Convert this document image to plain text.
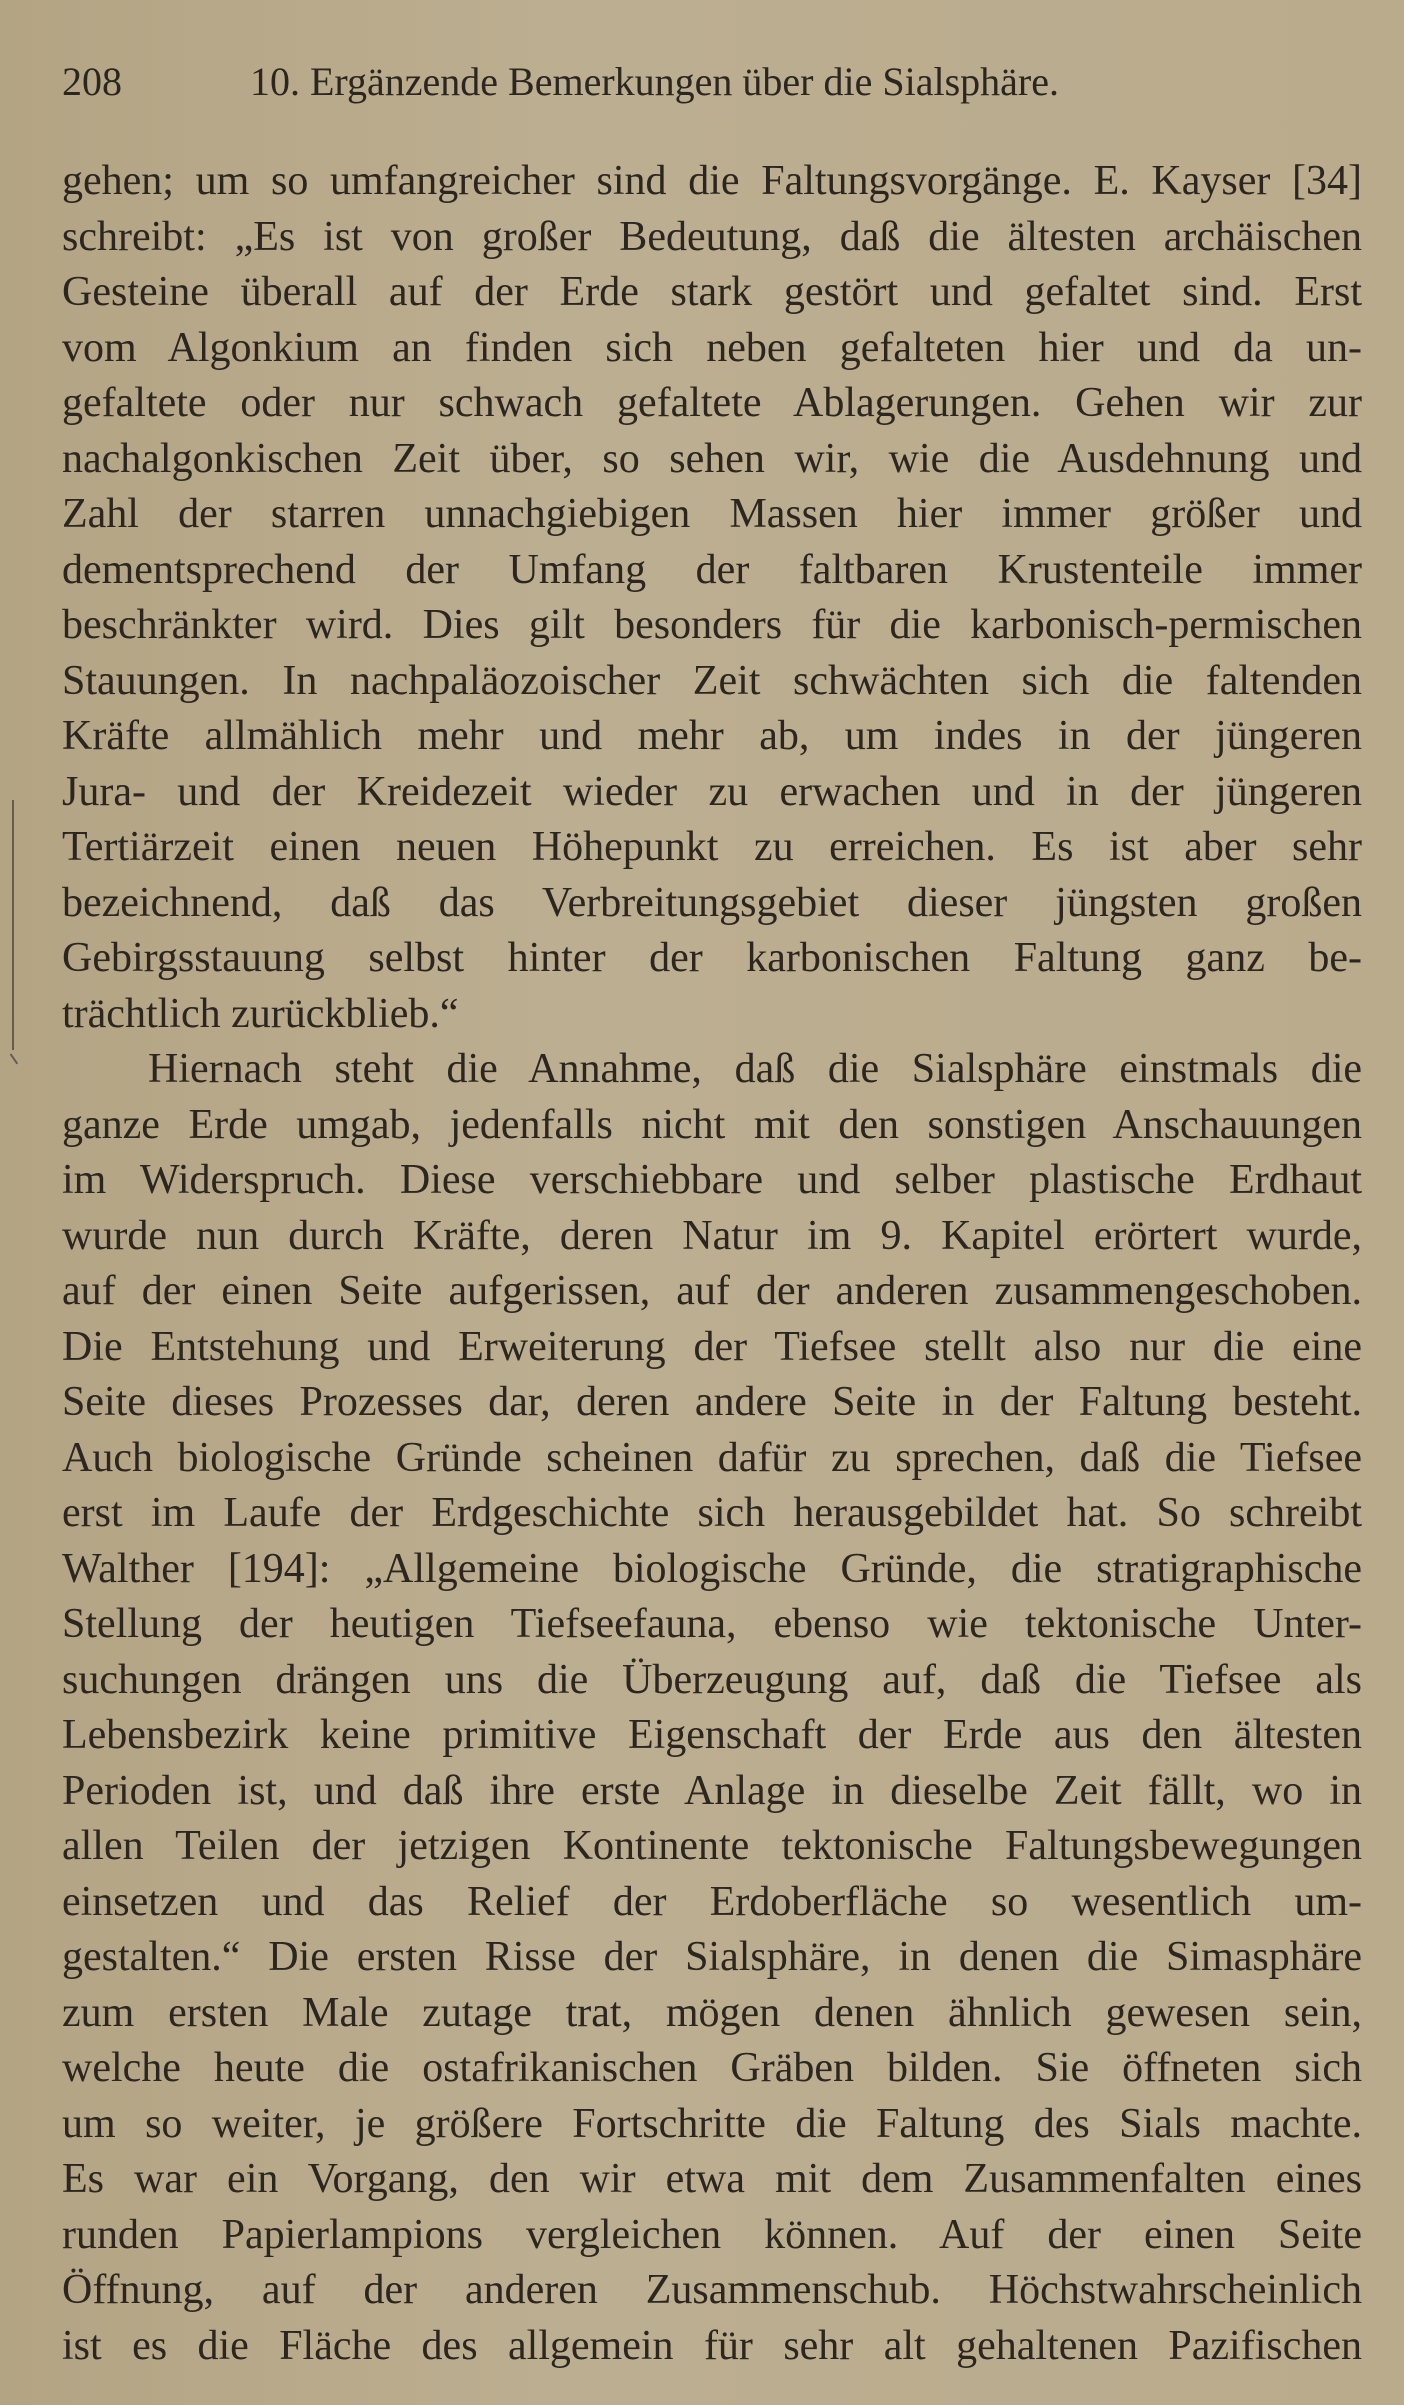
208	10. Ergänzende Bemerkungen über die Sialsphäre.
gehen; um so umfangreicher sind die Faltungsvorgänge. E. Kayser [34]
schreibt: „Es ist von großer Bedeutung, daß die ältesten archäischen
Gesteine überall auf der Erde stark gestört und gefaltet sind. Erst
vom Algonkium an finden sich neben gefalteten hier und da un-
gefaltete oder nur schwach gefaltete Ablagerungen. Gehen wir zur
nachalgonkischen Zeit über, so sehen wir, wie die Ausdehnung und
Zahl der starren unnachgiebigen Massen hier immer größer und
dementsprechend der Umfang der faltbaren Krustenteile immer
beschränkter wird. Dies gilt besonders für die karbonisch-permischen
Stauungen. In nachpaläozoischer Zeit schwächten sich die faltenden
Kräfte allmählich mehr und mehr ab, um indes in der jüngeren
Jura- und der Kreidezeit wieder zu erwachen und in der jüngeren
Tertiärzeit einen neuen Höhepunkt zu erreichen. Es ist aber sehr
bezeichnend, daß das Verbreitungsgebiet dieser jüngsten großen
Gebirgsstauung selbst hinter der karbonischen Faltung ganz be-
trächtlich zurückblieb.“
Hiernach steht die Annahme, daß die Sialsphäre einstmals die
ganze Erde umgab, jedenfalls nicht mit den sonstigen Anschauungen
im Widerspruch. Diese verschiebbare und selber plastische Erdhaut
wurde nun durch Kräfte, deren Natur im 9. Kapitel erörtert wurde,
auf der einen Seite aufgerissen, auf der anderen zusammengeschoben.
Die Entstehung und Erweiterung der Tiefsee stellt also nur die eine
Seite dieses Prozesses dar, deren andere Seite in der Faltung besteht.
Auch biologische Gründe scheinen dafür zu sprechen, daß die Tiefsee
erst im Laufe der Erdgeschichte sich herausgebildet hat. So schreibt
Walther [194]: „Allgemeine biologische Gründe, die stratigraphische
Stellung der heutigen Tiefseefauna, ebenso wie tektonische Unter-
suchungen drängen uns die Überzeugung auf, daß die Tiefsee als
Lebensbezirk keine primitive Eigenschaft der Erde aus den ältesten
Perioden ist, und daß ihre erste Anlage in dieselbe Zeit fällt, wo in
allen Teilen der jetzigen Kontinente tektonische Faltungsbewegungen
einsetzen und das Relief der Erdoberfläche so wesentlich um-
gestalten.“ Die ersten Risse der Sialsphäre, in denen die Simasphäre
zum ersten Male zutage trat, mögen denen ähnlich gewesen sein,
welche heute die ostafrikanischen Gräben bilden. Sie öffneten sich
um so weiter, je größere Fortschritte die Faltung des Sials machte.
Es war ein Vorgang, den wir etwa mit dem Zusammenfalten eines
runden Papierlampions vergleichen können. Auf der einen Seite
Öffnung, auf der anderen Zusammenschub. Höchstwahrscheinlich
ist es die Fläche des allgemein für sehr alt gehaltenen Pazifischen
